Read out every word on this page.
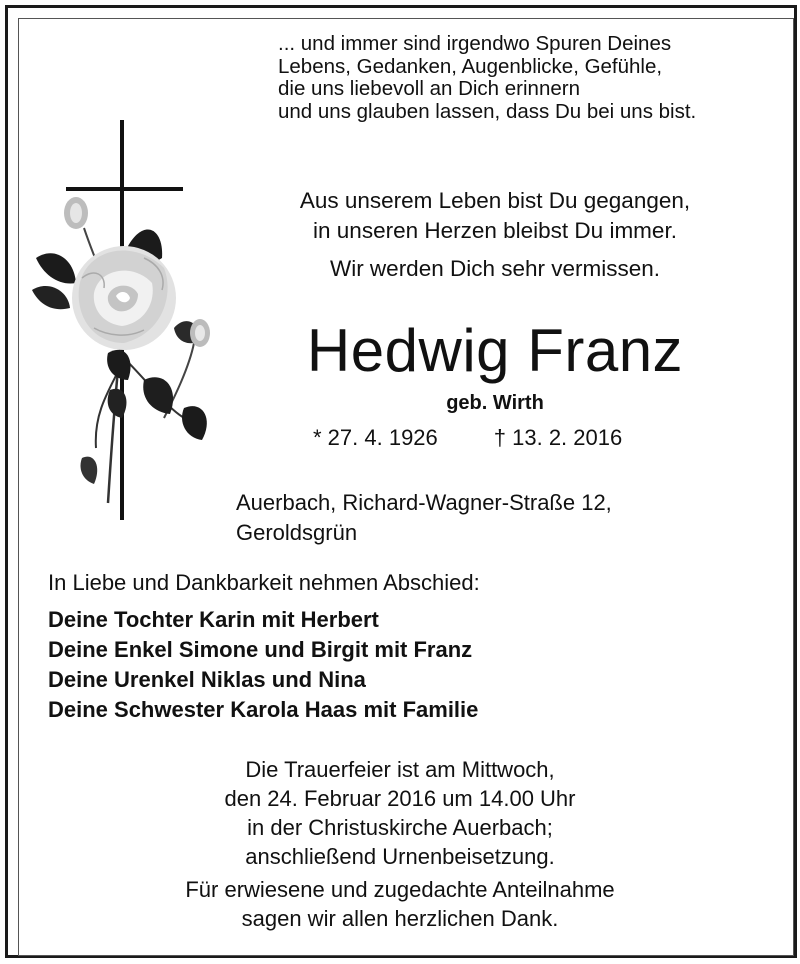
... und immer sind irgendwo Spuren Deines
Lebens, Gedanken, Augenblicke, Gefühle,
die uns liebevoll an Dich erinnern
und uns glauben lassen, dass Du bei uns bist.
Aus unserem Leben bist Du gegangen,
in unseren Herzen bleibst Du immer.
Wir werden Dich sehr vermissen.
Hedwig Franz
geb. Wirth
* 27. 4. 1926	† 13. 2. 2016
Auerbach, Richard-Wagner-Straße 12,
Geroldsgrün
In Liebe und Dankbarkeit nehmen Abschied:
Deine Tochter Karin mit Herbert
Deine Enkel Simone und Birgit mit Franz
Deine Urenkel Niklas und Nina
Deine Schwester Karola Haas mit Familie
Die Trauerfeier ist am Mittwoch,
den 24. Februar 2016 um 14.00 Uhr
in der Christuskirche Auerbach;
anschließend Urnenbeisetzung.
Für erwiesene und zugedachte Anteilnahme
sagen wir allen herzlichen Dank.
